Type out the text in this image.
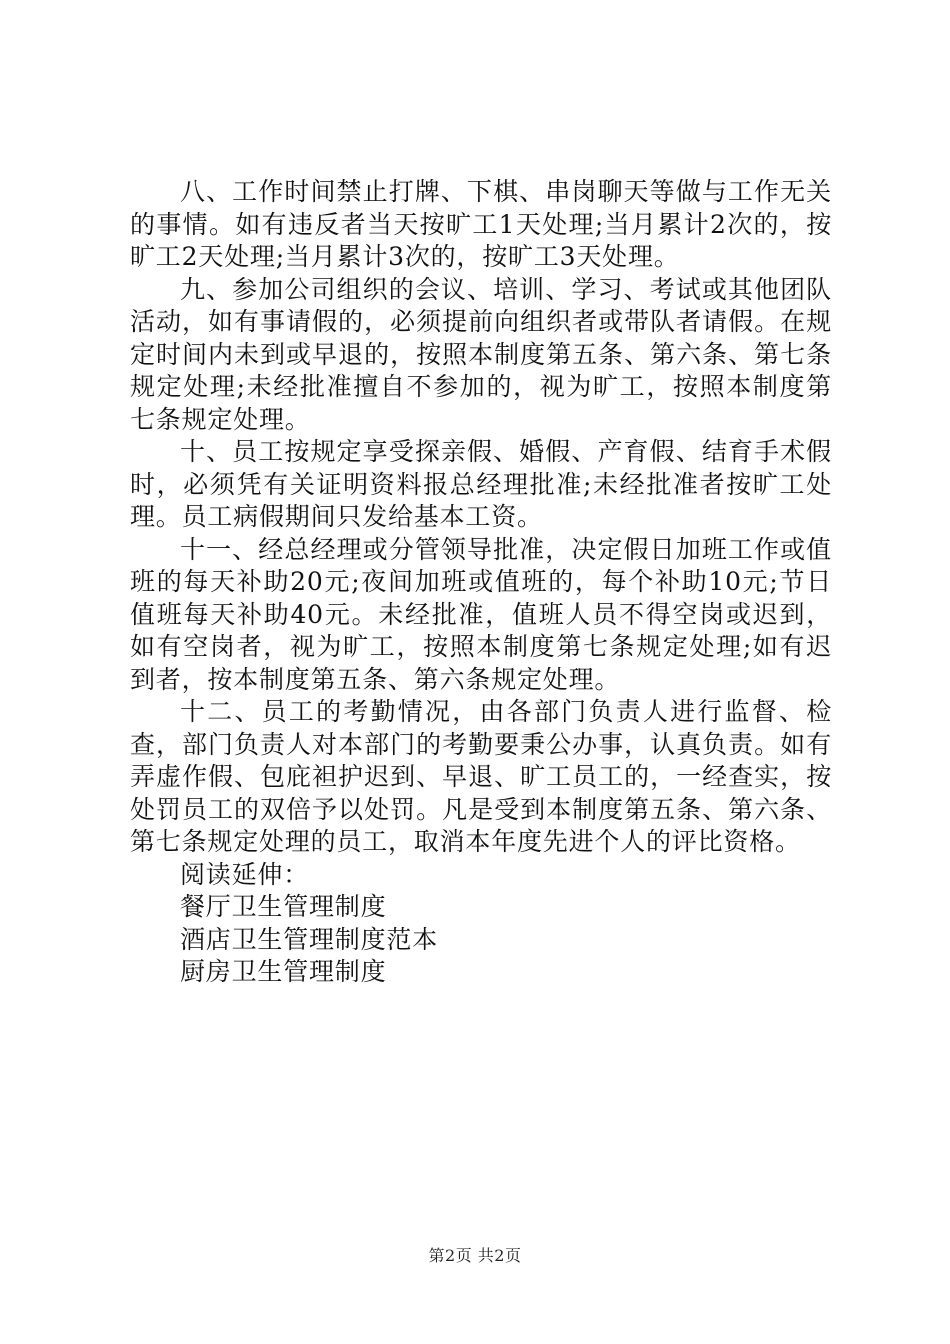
八、工作时间禁止打牌、下棋、串岗聊天等做与工作无关的事情。如有违反者当天按旷工1天处理;当月累计2次的，按旷工2天处理;当月累计3次的，按旷工3天处理。

九、参加公司组织的会议、培训、学习、考试或其他团队活动，如有事请假的，必须提前向组织者或带队者请假。在规定时间内未到或早退的，按照本制度第五条、第六条、第七条规定处理;未经批准擅自不参加的，视为旷工，按照本制度第七条规定处理。

十、员工按规定享受探亲假、婚假、产育假、结育手术假时，必须凭有关证明资料报总经理批准;未经批准者按旷工处理。员工病假期间只发给基本工资。

十一、经总经理或分管领导批准，决定假日加班工作或值班的每天补助20元;夜间加班或值班的，每个补助10元;节日值班每天补助40元。未经批准，值班人员不得空岗或迟到，如有空岗者，视为旷工，按照本制度第七条规定处理;如有迟到者，按本制度第五条、第六条规定处理。

十二、员工的考勤情况，由各部门负责人进行监督、检查，部门负责人对本部门的考勤要秉公办事，认真负责。如有弄虚作假、包庇袒护迟到、早退、旷工员工的，一经查实，按处罚员工的双倍予以处罚。凡是受到本制度第五条、第六条、第七条规定处理的员工，取消本年度先进个人的评比资格。

阅读延伸：

餐厅卫生管理制度

酒店卫生管理制度范本

厨房卫生管理制度

第2页 共2页
